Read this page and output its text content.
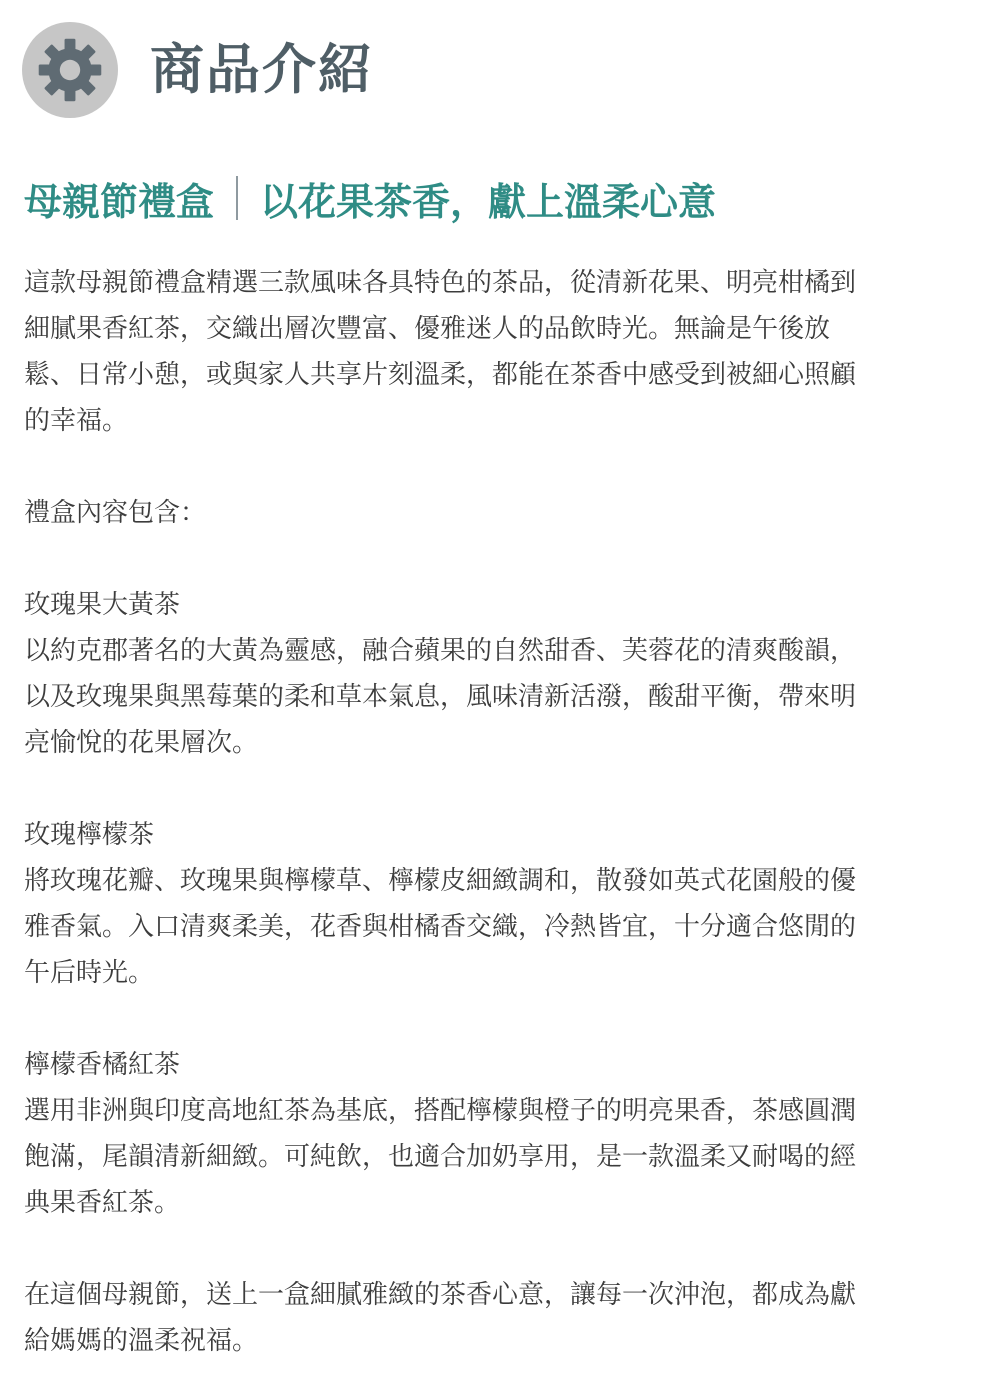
商品介紹
母親節禮盒 以花果茶香，獻上溫柔心意

這款母親節禮盒精選三款風味各具特色的茶品，從清新花果、明亮柑橘到

細膩果香紅茶，交織出層次豐富、優雅迷人的品飲時光。無論是午後放

鬆、日常小憩，或與家人共享片刻溫柔，都能在茶香中感受到被細心照顧

的幸福。

禮盒內容包含：

玫瑰果大黃茶

以約克郡著名的大黃為靈感，融合蘋果的自然甜香、芙蓉花的清爽酸韻，

以及玫瑰果與黑莓葉的柔和草本氣息，風味清新活潑，酸甜平衡，帶來明

亮愉悅的花果層次。

玫瑰檸檬茶

將玫瑰花瓣、玫瑰果與檸檬草、檸檬皮細緻調和，散發如英式花園般的優

雅香氣。入口清爽柔美，花香與柑橘香交織，冷熱皆宜，十分適合悠閒的

午后時光。

檸檬香橘紅茶

選用非洲與印度高地紅茶為基底，搭配檸檬與橙子的明亮果香，茶感圓潤

飽滿，尾韻清新細緻。可純飲，也適合加奶享用，是一款溫柔又耐喝的經

典果香紅茶。

在這個母親節，送上一盒細膩雅緻的茶香心意，讓每一次沖泡，都成為獻

給媽媽的溫柔祝福。
